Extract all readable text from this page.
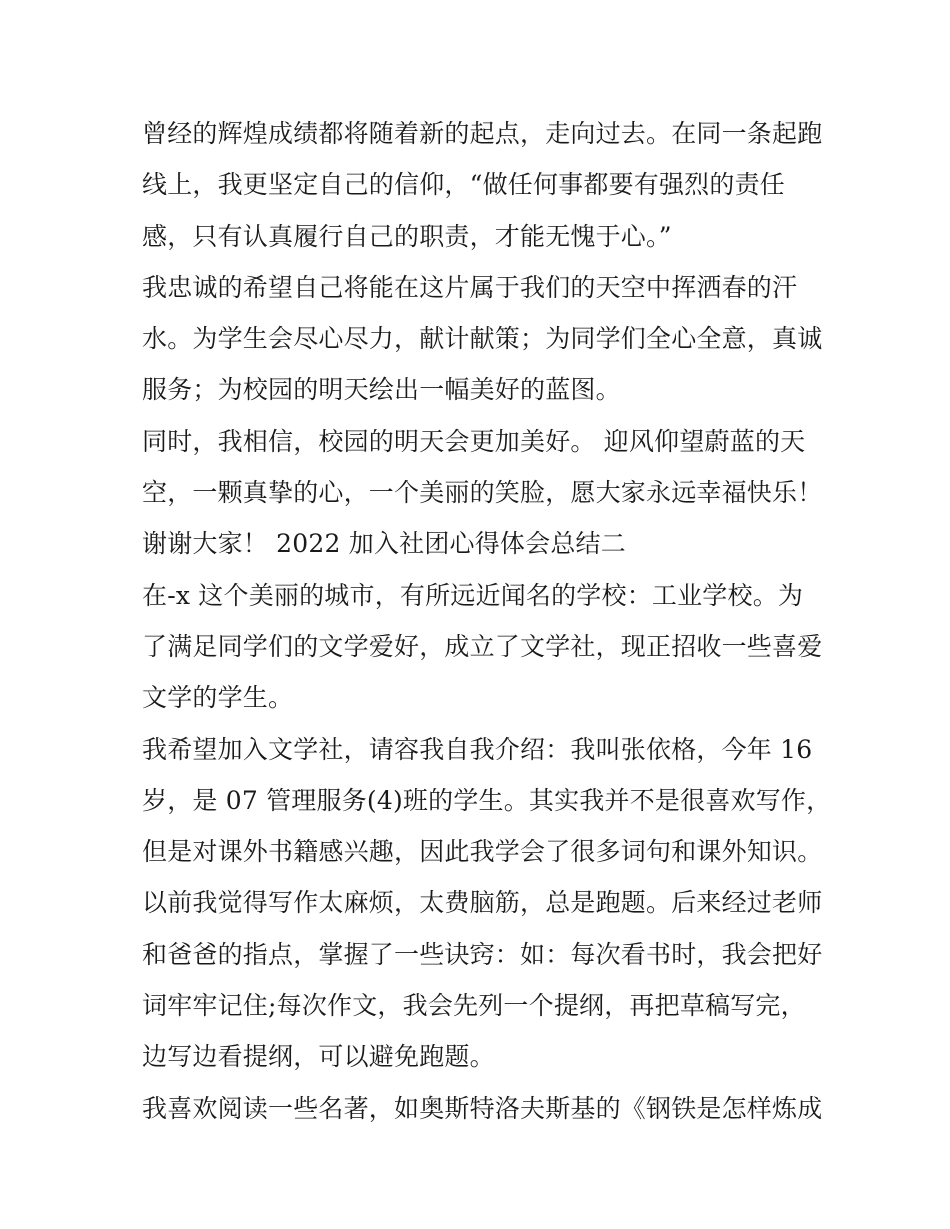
曾经的辉煌成绩都将随着新的起点，走向过去。在同一条起跑
线上，我更坚定自己的信仰，“做任何事都要有强烈的责任
感，只有认真履行自己的职责，才能无愧于心。”
我忠诚的希望自己将能在这片属于我们的天空中挥洒春的汗
水。为学生会尽心尽力，献计献策；为同学们全心全意，真诚
服务；为校园的明天绘出一幅美好的蓝图。
同时，我相信，校园的明天会更加美好。 迎风仰望蔚蓝的天
空，一颗真挚的心，一个美丽的笑脸，愿大家永远幸福快乐！
谢谢大家！ 2022 加入社团心得体会总结二
在-x 这个美丽的城市，有所远近闻名的学校：工业学校。为
了满足同学们的文学爱好，成立了文学社，现正招收一些喜爱
文学的学生。
我希望加入文学社，请容我自我介绍：我叫张依格，今年 16
岁，是 07 管理服务(4)班的学生。其实我并不是很喜欢写作，
但是对课外书籍感兴趣，因此我学会了很多词句和课外知识。
以前我觉得写作太麻烦，太费脑筋，总是跑题。后来经过老师
和爸爸的指点，掌握了一些诀窍：如：每次看书时，我会把好
词牢牢记住;每次作文，我会先列一个提纲，再把草稿写完，
边写边看提纲，可以避免跑题。
我喜欢阅读一些名著，如奥斯特洛夫斯基的《钢铁是怎样炼成
